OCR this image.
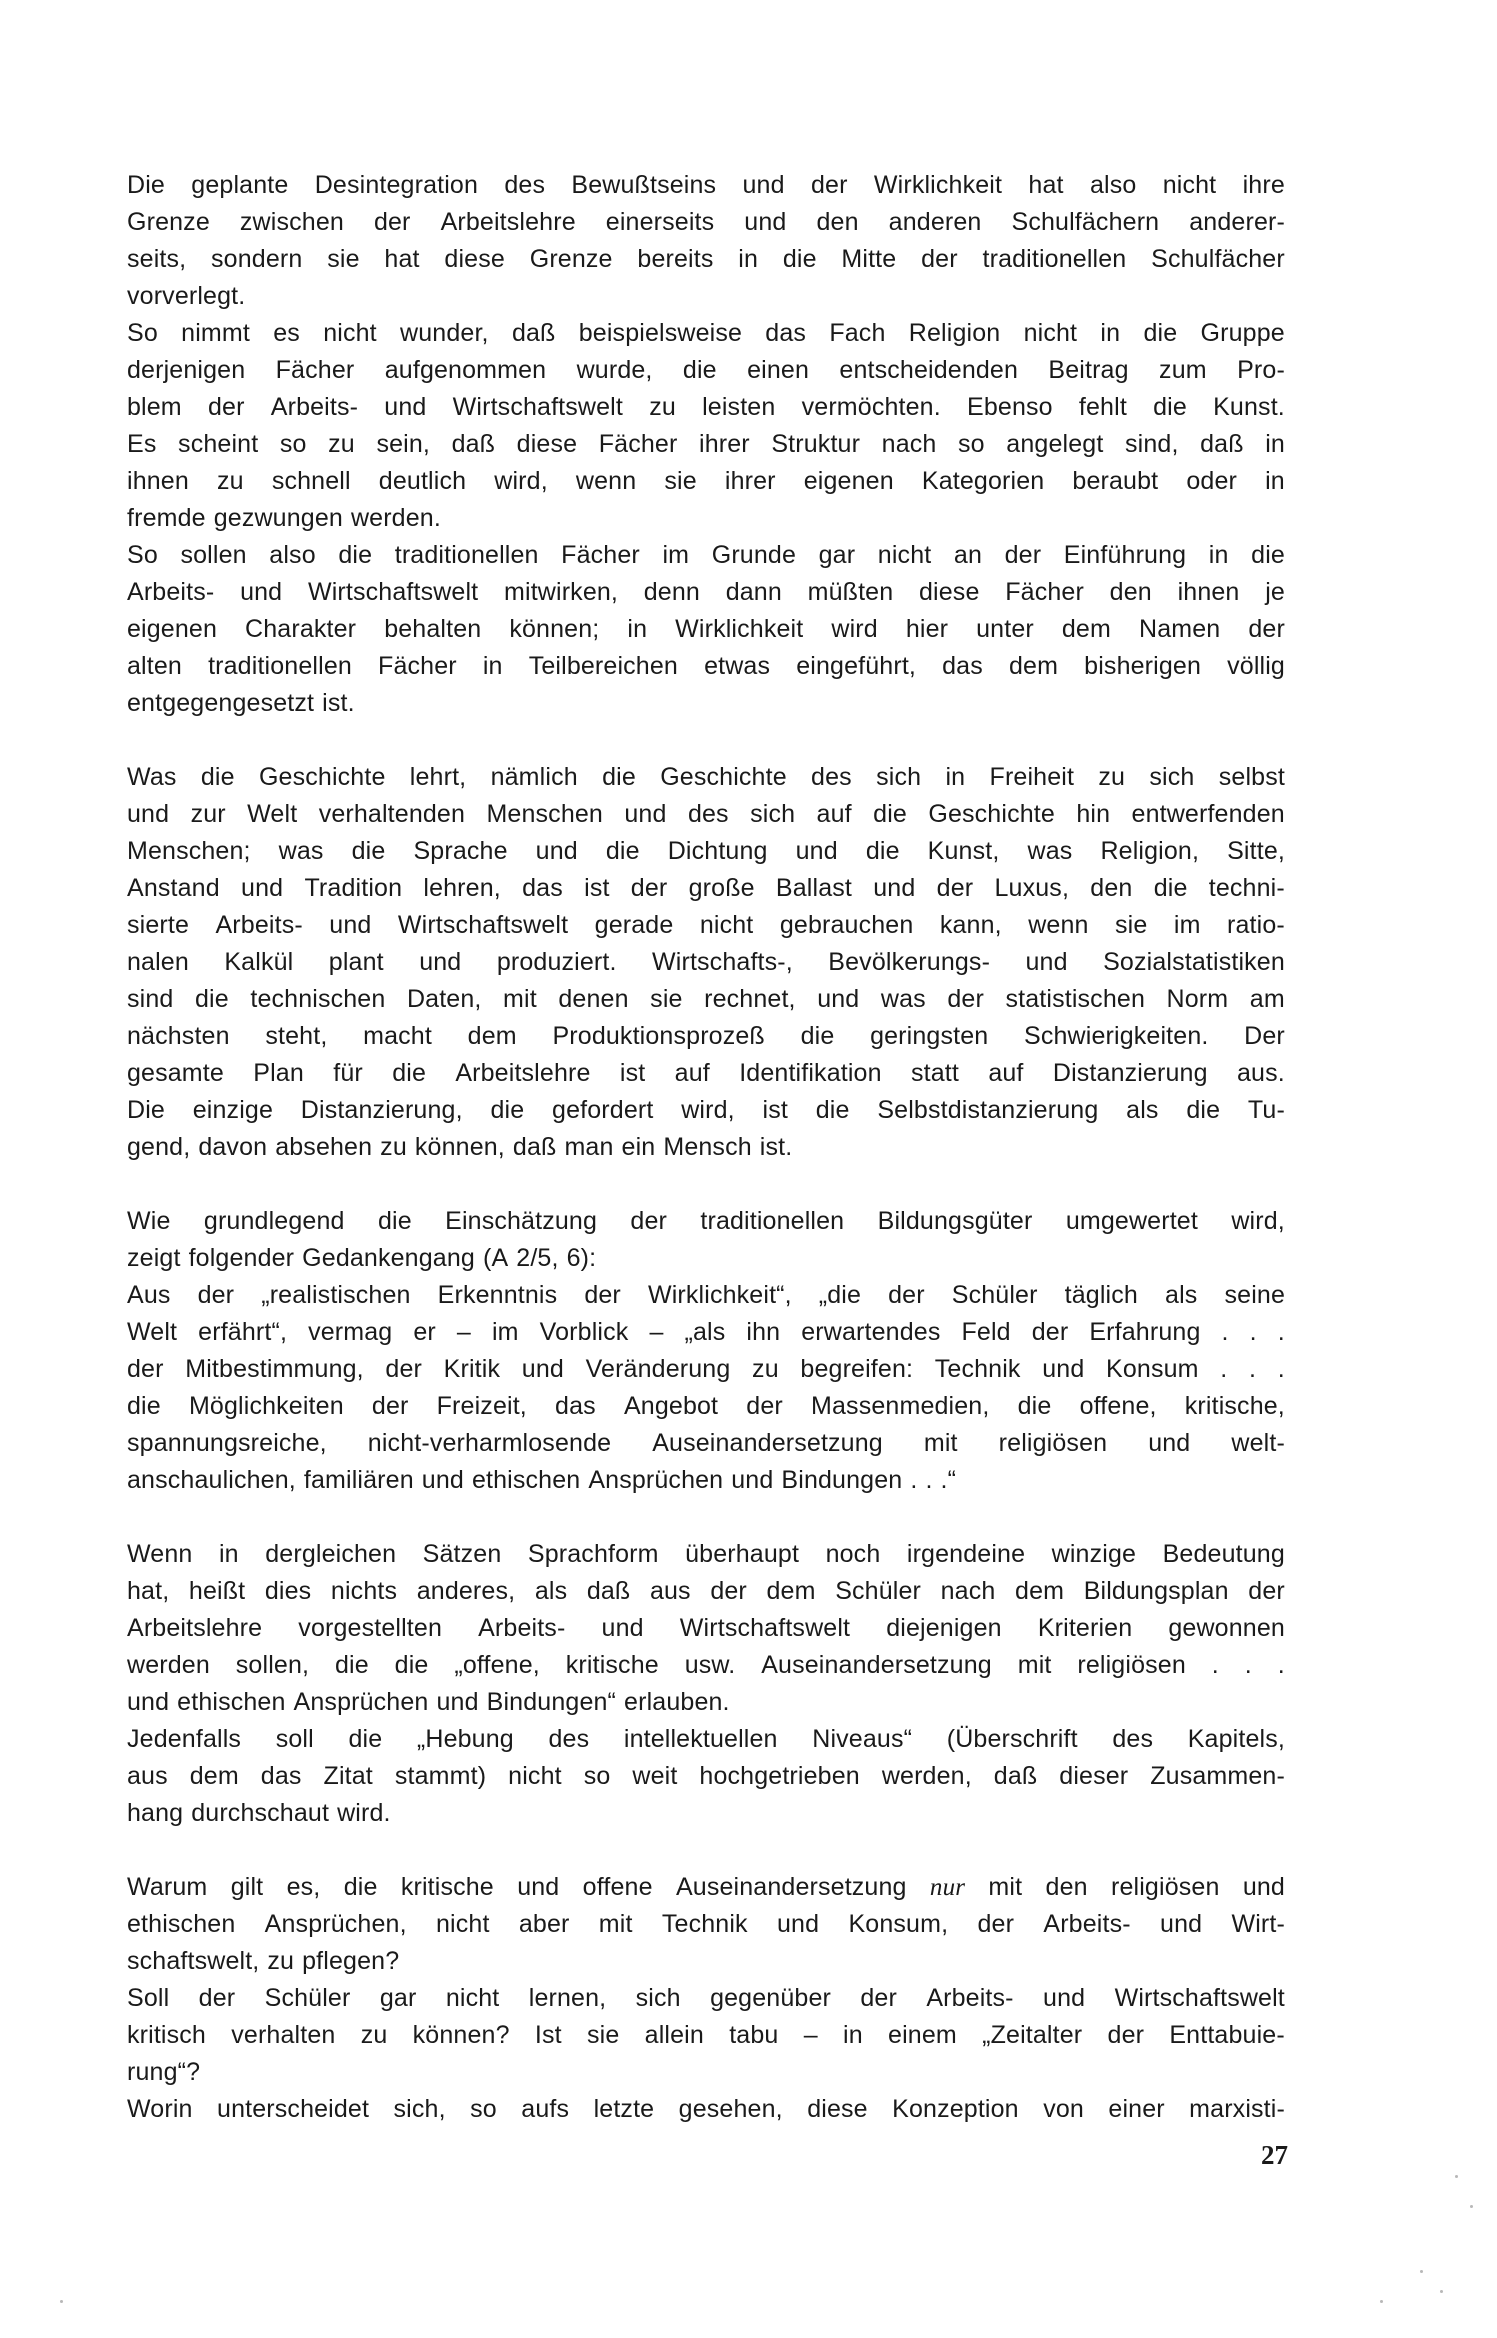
Die geplante Desintegration des Bewußtseins und der Wirklichkeit hat also nicht ihre
Grenze zwischen der Arbeitslehre einerseits und den anderen Schulfächern anderer-
seits, sondern sie hat diese Grenze bereits in die Mitte der traditionellen Schulfächer
vorverlegt.
So nimmt es nicht wunder, daß beispielsweise das Fach Religion nicht in die Gruppe
derjenigen Fächer aufgenommen wurde, die einen entscheidenden Beitrag zum Pro-
blem der Arbeits- und Wirtschaftswelt zu leisten vermöchten. Ebenso fehlt die Kunst.
Es scheint so zu sein, daß diese Fächer ihrer Struktur nach so angelegt sind, daß in
ihnen zu schnell deutlich wird, wenn sie ihrer eigenen Kategorien beraubt oder in
fremde gezwungen werden.
So sollen also die traditionellen Fächer im Grunde gar nicht an der Einführung in die
Arbeits- und Wirtschaftswelt mitwirken, denn dann müßten diese Fächer den ihnen je
eigenen Charakter behalten können; in Wirklichkeit wird hier unter dem Namen der
alten traditionellen Fächer in Teilbereichen etwas eingeführt, das dem bisherigen völlig
entgegengesetzt ist.
Was die Geschichte lehrt, nämlich die Geschichte des sich in Freiheit zu sich selbst
und zur Welt verhaltenden Menschen und des sich auf die Geschichte hin entwerfenden
Menschen; was die Sprache und die Dichtung und die Kunst, was Religion, Sitte,
Anstand und Tradition lehren, das ist der große Ballast und der Luxus, den die techni-
sierte Arbeits- und Wirtschaftswelt gerade nicht gebrauchen kann, wenn sie im ratio-
nalen Kalkül plant und produziert. Wirtschafts-, Bevölkerungs- und Sozialstatistiken
sind die technischen Daten, mit denen sie rechnet, und was der statistischen Norm am
nächsten steht, macht dem Produktionsprozeß die geringsten Schwierigkeiten. Der
gesamte Plan für die Arbeitslehre ist auf Identifikation statt auf Distanzierung aus.
Die einzige Distanzierung, die gefordert wird, ist die Selbstdistanzierung als die Tu-
gend, davon absehen zu können, daß man ein Mensch ist.
Wie grundlegend die Einschätzung der traditionellen Bildungsgüter umgewertet wird,
zeigt folgender Gedankengang (A 2/5, 6):
Aus der „realistischen Erkenntnis der Wirklichkeit“, „die der Schüler täglich als seine
Welt erfährt“, vermag er – im Vorblick – „als ihn erwartendes Feld der Erfahrung . . .
der Mitbestimmung, der Kritik und Veränderung zu begreifen: Technik und Konsum . . .
die Möglichkeiten der Freizeit, das Angebot der Massenmedien, die offene, kritische,
spannungsreiche, nicht-verharmlosende Auseinandersetzung mit religiösen und welt-
anschaulichen, familiären und ethischen Ansprüchen und Bindungen . . .“
Wenn in dergleichen Sätzen Sprachform überhaupt noch irgendeine winzige Bedeutung
hat, heißt dies nichts anderes, als daß aus der dem Schüler nach dem Bildungsplan der
Arbeitslehre vorgestellten Arbeits- und Wirtschaftswelt diejenigen Kriterien gewonnen
werden sollen, die die „offene, kritische usw. Auseinandersetzung mit religiösen . . .
und ethischen Ansprüchen und Bindungen“ erlauben.
Jedenfalls soll die „Hebung des intellektuellen Niveaus“ (Überschrift des Kapitels,
aus dem das Zitat stammt) nicht so weit hochgetrieben werden, daß dieser Zusammen-
hang durchschaut wird.
Warum gilt es, die kritische und offene Auseinandersetzung nur mit den religiösen und
ethischen Ansprüchen, nicht aber mit Technik und Konsum, der Arbeits- und Wirt-
schaftswelt, zu pflegen?
Soll der Schüler gar nicht lernen, sich gegenüber der Arbeits- und Wirtschaftswelt
kritisch verhalten zu können? Ist sie allein tabu – in einem „Zeitalter der Enttabuie-
rung“?
Worin unterscheidet sich, so aufs letzte gesehen, diese Konzeption von einer marxisti-
27
